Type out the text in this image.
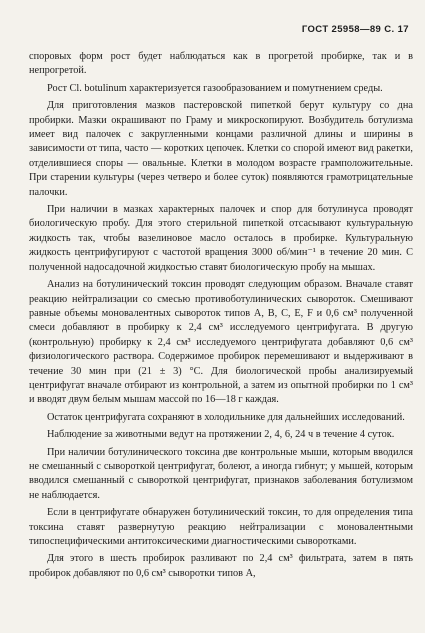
ГОСТ 25958—89 С. 17

споровых форм рост будет наблюдаться как в прогретой пробирке, так и в непрогретой.

Рост Cl. botulinum характеризуется газообразованием и помутнением среды.

Для приготовления мазков пастеровской пипеткой берут культуру со дна пробирки. Мазки окрашивают по Граму и микроскопируют. Возбудитель ботулизма имеет вид палочек с закругленными концами различной длины и ширины в зависимости от типа, часто — коротких цепочек. Клетки со спорой имеют вид ракетки, отделившиеся споры — овальные. Клетки в молодом возрасте грамположительные. При старении культуры (через четверо и более суток) появляются грамотрицательные палочки.

При наличии в мазках характерных палочек и спор для ботулинуса проводят биологическую пробу. Для этого стерильной пипеткой отсасывают культуральную жидкость так, чтобы вазелиновое масло осталось в пробирке. Культуральную жидкость центрифугируют с частотой вращения 3000 об/мин⁻¹ в течение 20 мин. С полученной надосадочной жидкостью ставят биологическую пробу на мышах.

Анализ на ботулинический токсин проводят следующим образом. Вначале ставят реакцию нейтрализации со смесью противоботулинических сывороток. Смешивают равные объемы моновалентных сывороток типов A, B, C, E, F и 0,6 см³ полученной смеси добавляют в пробирку к 2,4 см³ исследуемого центрифугата. В другую (контрольную) пробирку к 2,4 см³ исследуемого центрифугата добавляют 0,6 см³ физиологического раствора. Содержимое пробирок перемешивают и выдерживают в течение 30 мин при (21 ± 3) °С. Для биологической пробы анализируемый центрифугат вначале отбирают из контрольной, а затем из опытной пробирки по 1 см³ и вводят двум белым мышам массой по 16—18 г каждая.

Остаток центрифугата сохраняют в холодильнике для дальнейших исследований.

Наблюдение за животными ведут на протяжении 2, 4, 6, 24 ч в течение 4 суток.

При наличии ботулинического токсина две контрольные мыши, которым вводился не смешанный с сывороткой центрифугат, болеют, а иногда гибнут; у мышей, которым вводился смешанный с сывороткой центрифугат, признаков заболевания ботулизмом не наблюдается.

Если в центрифугате обнаружен ботулинический токсин, то для определения типа токсина ставят развернутую реакцию нейтрализации с моновалентными типоспецифическими антитоксическими диагностическими сыворотками.

Для этого в шесть пробирок разливают по 2,4 см³ фильтрата, затем в пять пробирок добавляют по 0,6 см³ сыворотки типов А,
